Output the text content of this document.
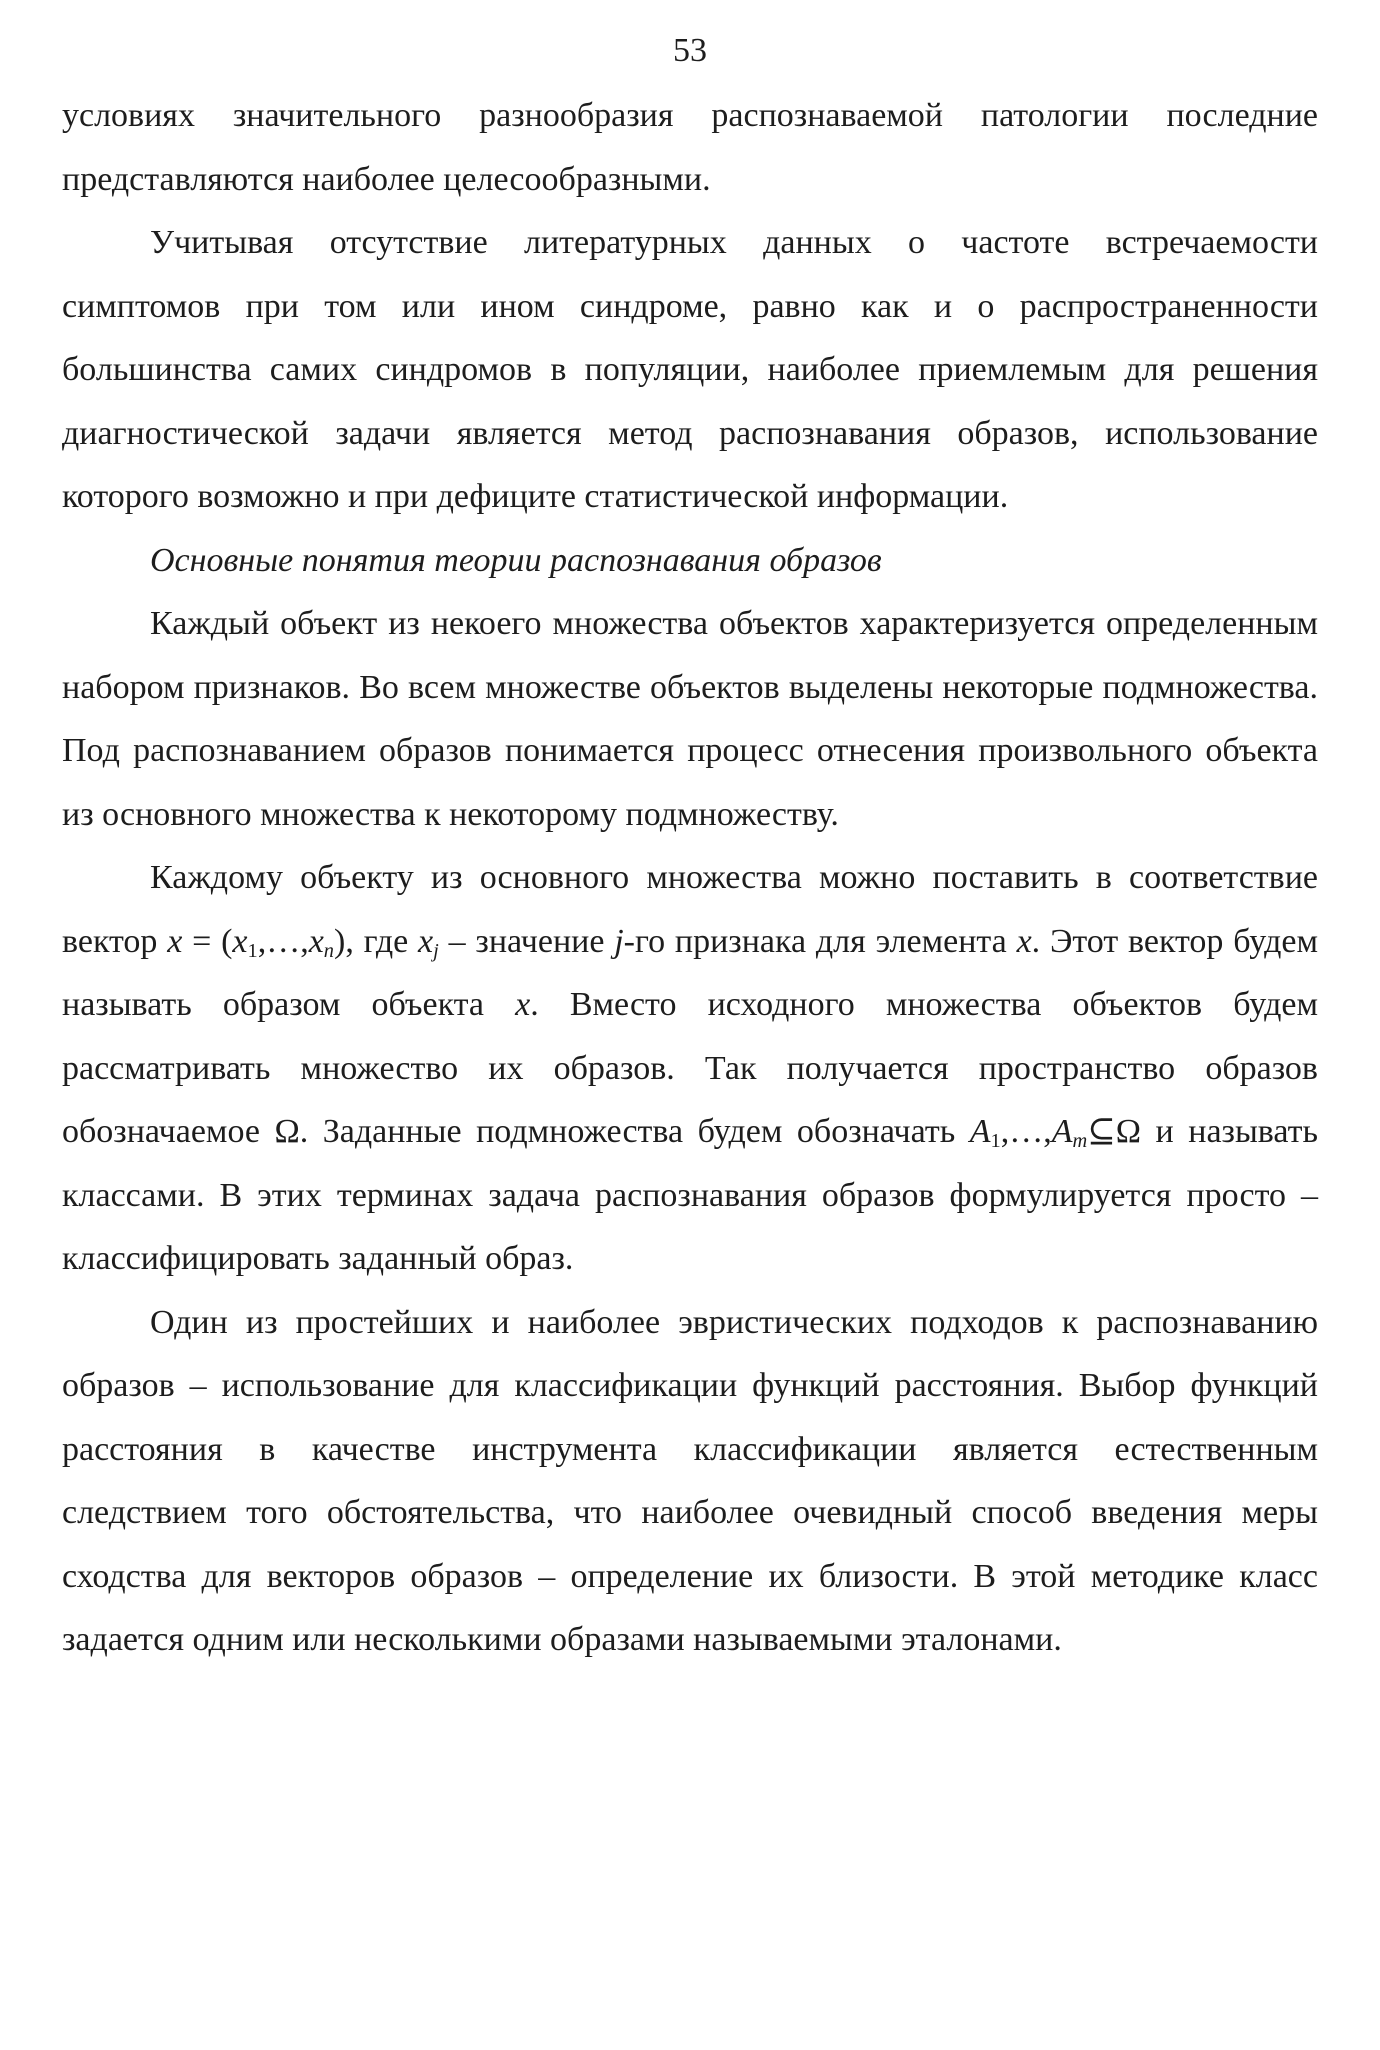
53

условиях значительного разнообразия распознаваемой патологии последние представляются наиболее целесообразными.

Учитывая отсутствие литературных данных о частоте встречаемости симптомов при том или ином синдроме, равно как и о распространенности большинства самих синдромов в популяции, наиболее приемлемым для решения диагностической задачи является метод распознавания образов, использование которого возможно и при дефиците статистической информации.

Основные понятия теории распознавания образов

Каждый объект из некоего множества объектов характеризуется определенным набором признаков. Во всем множестве объектов выделены некоторые подмножества. Под распознаванием образов понимается процесс отнесения произвольного объекта из основного множества к некоторому подмножеству.

Каждому объекту из основного множества можно поставить в соответствие вектор $x = (x_1,\dots,x_n)$, где $x_j$ – значение j-го признака для элемента x. Этот вектор будем называть образом объекта x. Вместо исходного множества объектов будем рассматривать множество их образов. Так получается пространство образов обозначаемое Ω. Заданные подмножества будем обозначать $A_1,\dots,A_m⊆\Omega$ и называть классами. В этих терминах задача распознавания образов формулируется просто – классифицировать заданный образ.

Один из простейших и наиболее эвристических подходов к распознаванию образов – использование для классификации функций расстояния. Выбор функций расстояния в качестве инструмента классификации является естественным следствием того обстоятельства, что наиболее очевидный способ введения меры сходства для векторов образов – определение их близости. В этой методике класс задается одним или несколькими образами называемыми эталонами.
